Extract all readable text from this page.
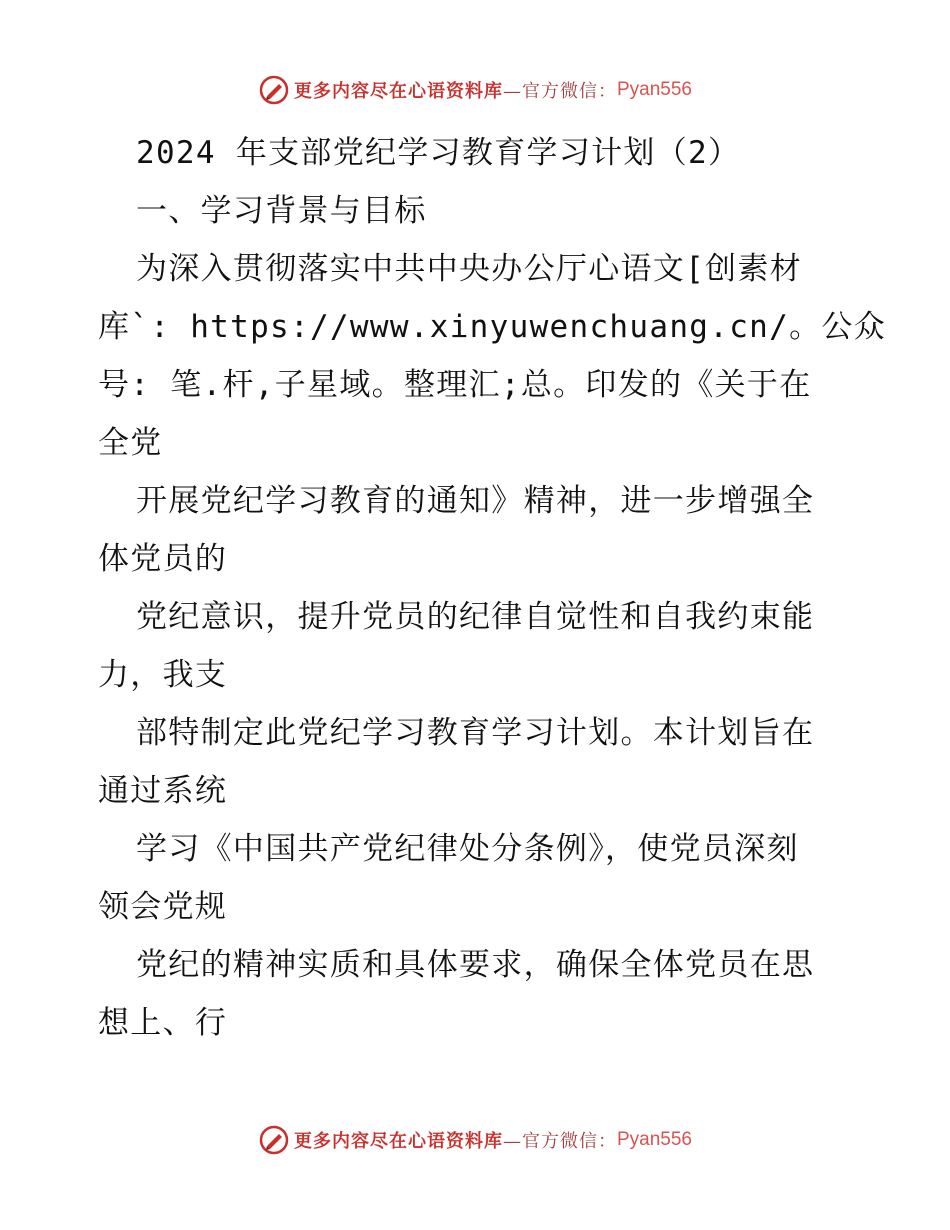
更多内容尽在心语资料库 —官方微信： Pyan556
2024 年支部党纪学习教育学习计划（2）
一、学习背景与目标
为深入贯彻落实中共中央办公厅心语文[创素材
库`: https://www.xinyuwenchuang.cn/。公众
号: 笔.杆,子星域。整理汇;总。印发的《关于在
全党
开展党纪学习教育的通知》精神，进一步增强全
体党员的
党纪意识，提升党员的纪律自觉性和自我约束能
力，我支
部特制定此党纪学习教育学习计划。本计划旨在
通过系统
学习《中国共产党纪律处分条例》，使党员深刻
领会党规
党纪的精神实质和具体要求，确保全体党员在思
想上、行
更多内容尽在心语资料库 —官方微信： Pyan556
